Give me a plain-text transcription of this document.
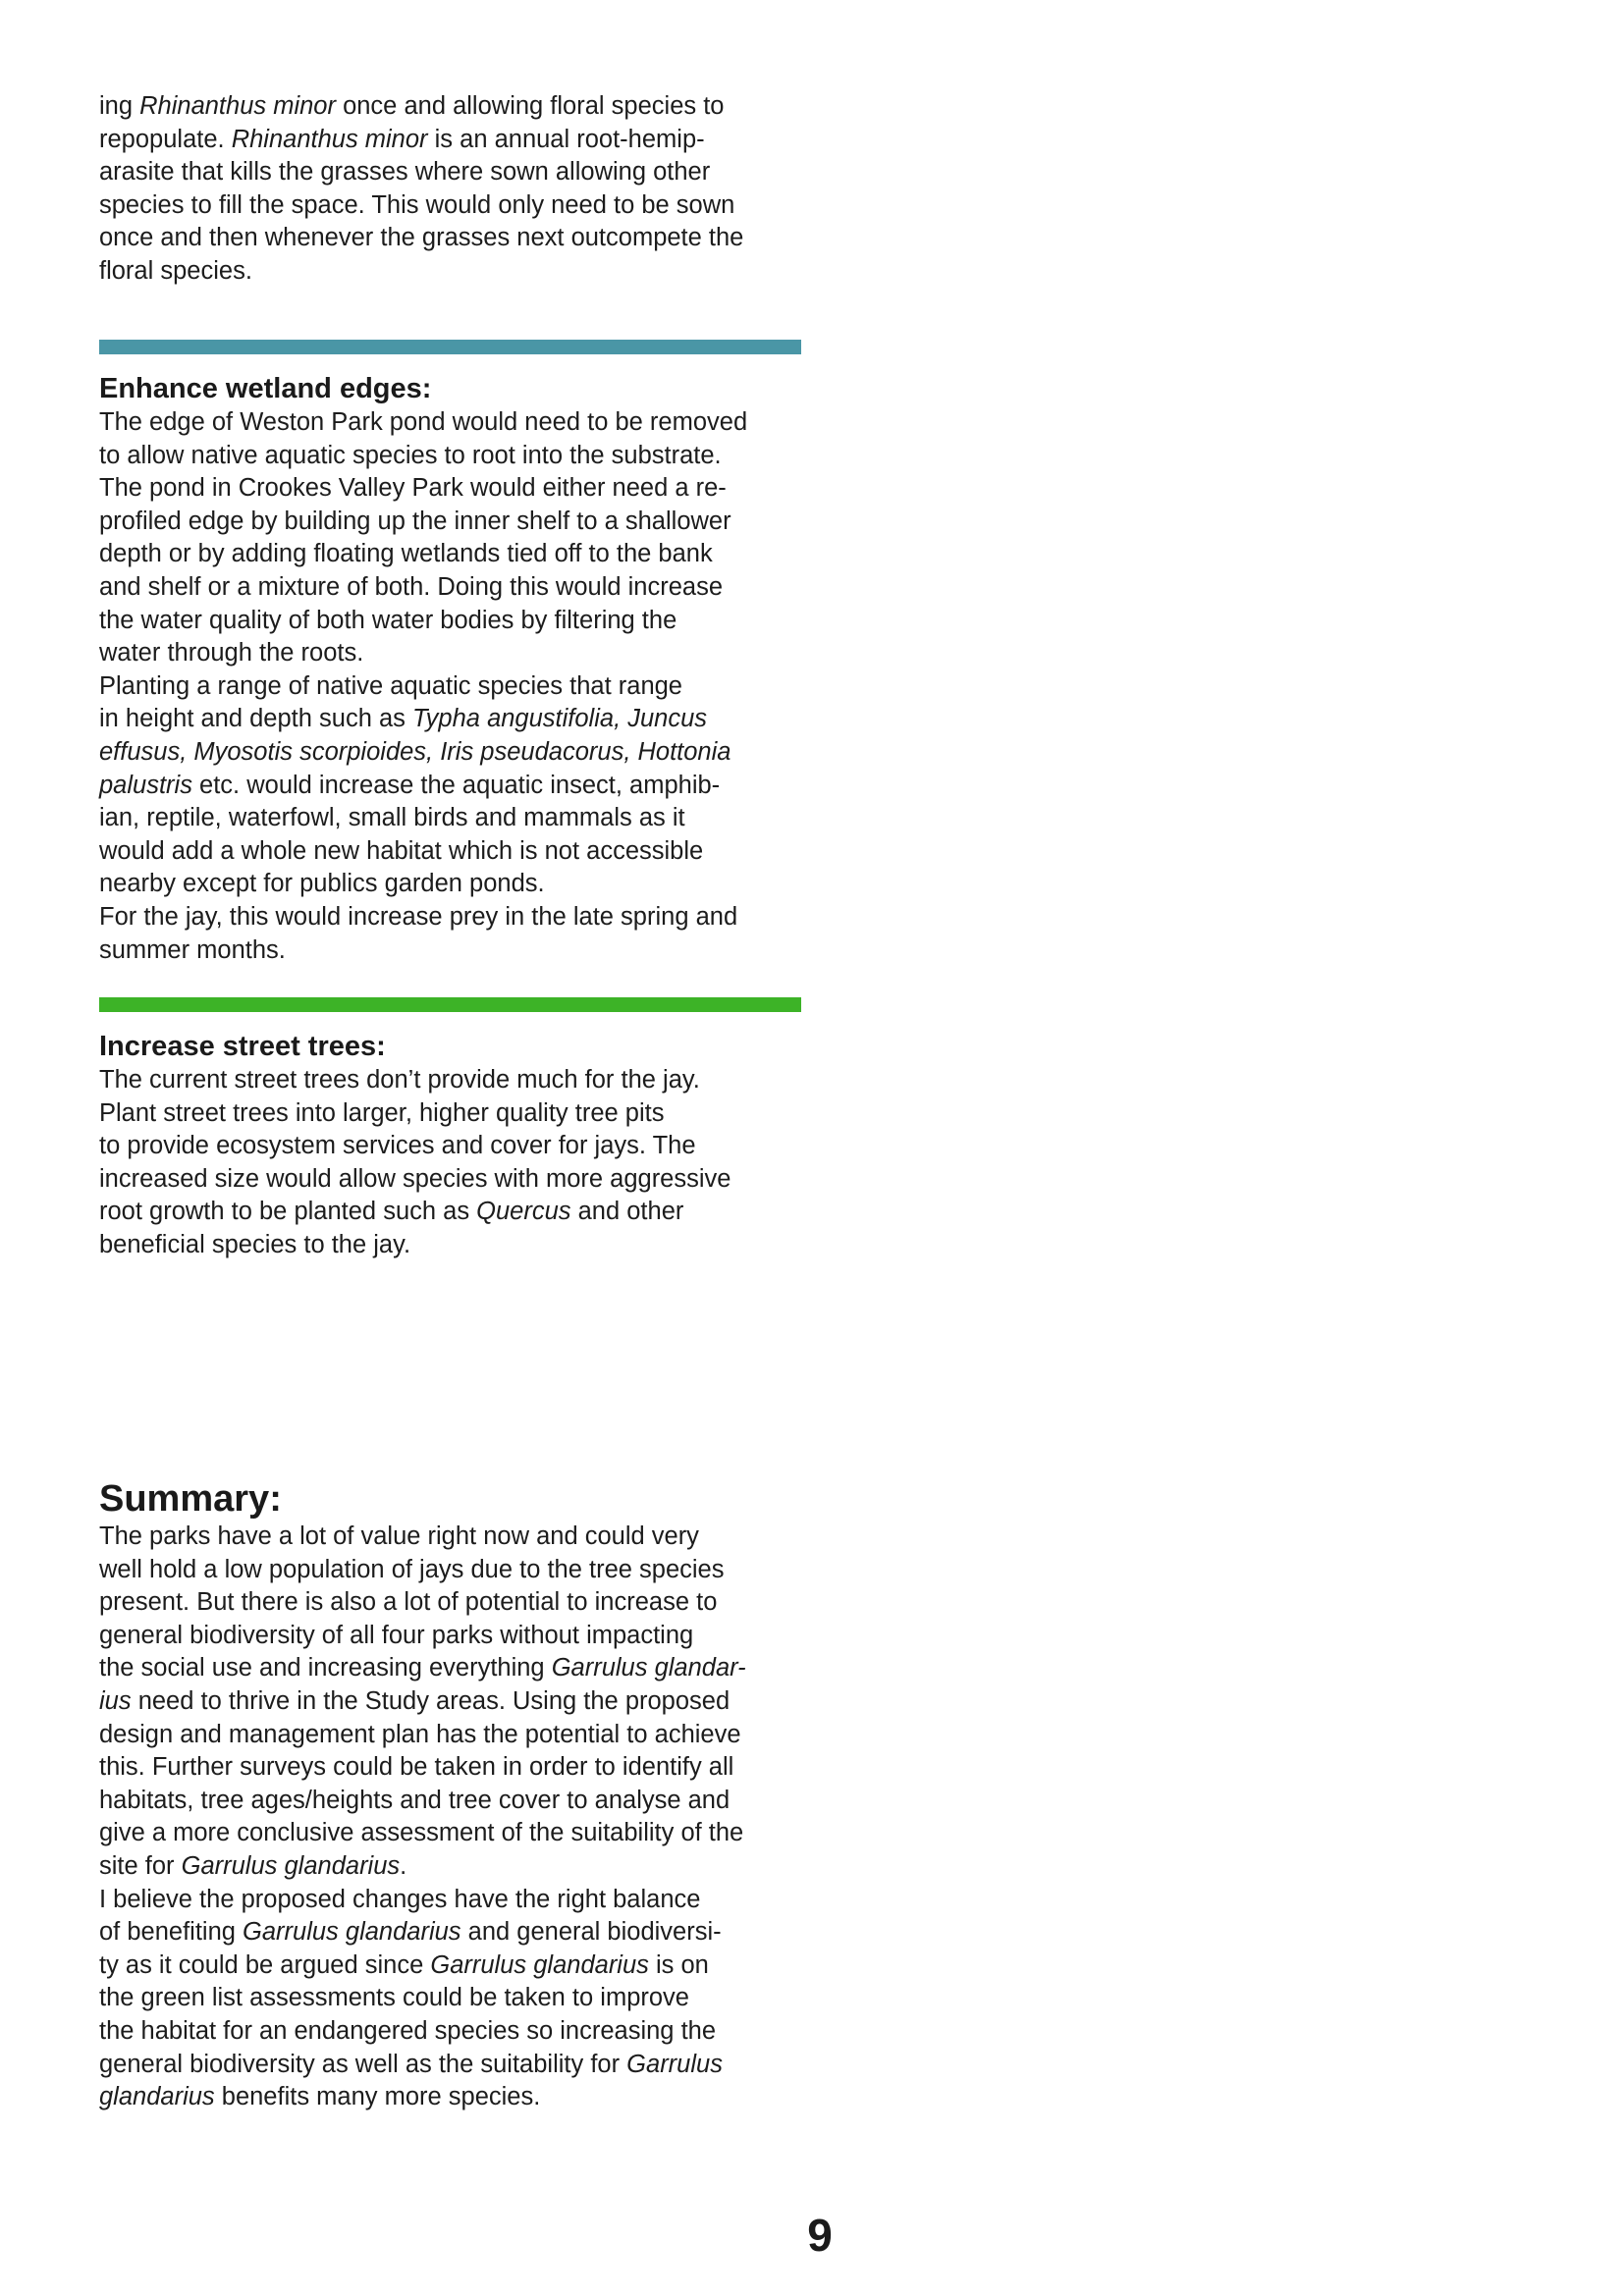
ing Rhinanthus minor once and allowing floral species to
repopulate. Rhinanthus minor is an annual root-hemip-
arasite that kills the grasses where sown allowing other
species to fill the space. This would only need to be sown
once and then whenever the grasses next outcompete the
floral species.

Enhance wetland edges:

The edge of Weston Park pond would need to be removed
to allow native aquatic species to root into the substrate.
The pond in Crookes Valley Park would either need a re-
profiled edge by building up the inner shelf to a shallower
depth or by adding floating wetlands tied off to the bank
and shelf or a mixture of both. Doing this would increase
the water quality of both water bodies by filtering the
water through the roots.
Planting a range of native aquatic species that range
in height and depth such as Typha angustifolia, Juncus
effusus, Myosotis scorpioides, Iris pseudacorus, Hottonia
palustris etc. would increase the aquatic insect, amphib-
ian, reptile, waterfowl, small birds and mammals as it
would add a whole new habitat which is not accessible
nearby except for publics garden ponds.
For the jay, this would increase prey in the late spring and
summer months.

Increase street trees:

The current street trees don’t provide much for the jay.
Plant street trees into larger, higher quality tree pits
to provide ecosystem services and cover for jays. The
increased size would allow species with more aggressive
root growth to be planted such as Quercus and other
beneficial species to the jay.

Summary:

The parks have a lot of value right now and could very
well hold a low population of jays due to the tree species
present. But there is also a lot of potential to increase to
general biodiversity of all four parks without impacting
the social use and increasing everything Garrulus glandar-
ius need to thrive in the Study areas. Using the proposed
design and management plan has the potential to achieve
this. Further surveys could be taken in order to identify all
habitats, tree ages/heights and tree cover to analyse and
give a more conclusive assessment of the suitability of the
site for Garrulus glandarius.
I believe the proposed changes have the right balance
of benefiting Garrulus glandarius and general biodiversi-
ty as it could be argued since Garrulus glandarius is on
the green list assessments could be taken to improve
the habitat for an endangered species so increasing the
general biodiversity as well as the suitability for Garrulus
glandarius benefits many more species.

9
